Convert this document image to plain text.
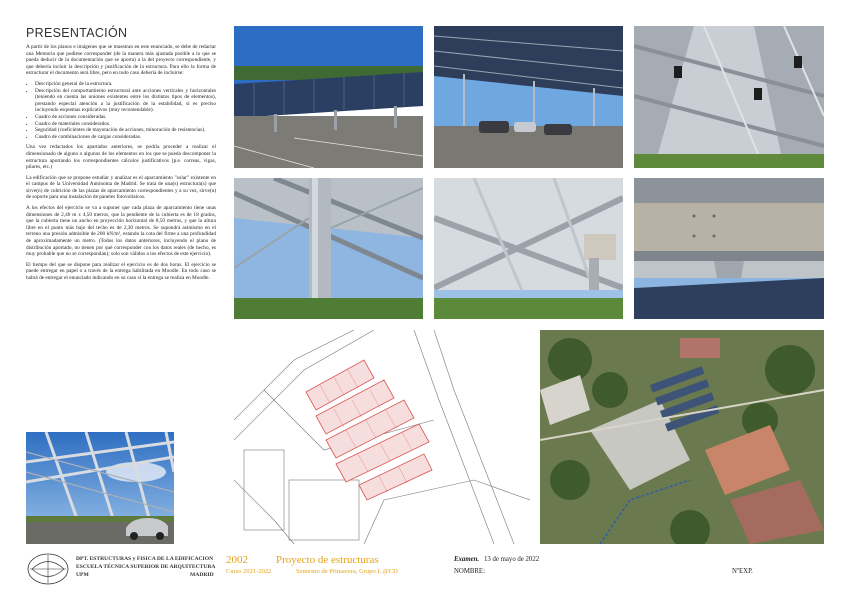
PRESENTACIÓN

A partir de los planos e imágenes que se muestran en este enunciado, se debe de redactar una Memoria que pudiese corresponder (de la manera más ajustada posible a lo que se pueda deducir de la documentación que se aporta) a la del proyecto correspondiente, y que debería incluir la descripción y justificación de la estructura. Para ello la forma de estructurar el documento será libre, pero en todo caso debería de incluirse:

• Descripción general de la estructura.
• Descripción del comportamiento estructural ante acciones verticales y horizontales (teniendo en cuenta las uniones existentes entre los distintos tipos de elementos), prestando especial atención a la justificación de la estabilidad, si es preciso incluyendo esquemas explicativos (muy recomendable).
• Cuadro de acciones consideradas.
• Cuadro de materiales considerados.
• Seguridad (coeficientes de mayoración de acciones, minoración de resistencias).
• Cuadro de combinaciones de cargas consideradas.

Una vez redactados los apartados anteriores, se podría proceder a realizar el dimensionado de alguno o algunos de los elementos en los que se pueda descomponer la estructura aportando los correspondientes cálculos justificativos (p.e. correas, vigas, pilares, etc.)

La edificación que se propone estudiar y analizar es el aparcamiento "solar" existente en el campus de la Universidad Autónoma de Madrid. Se trata de una(s) estructura(s) que sirve(n) de cubrición de las plazas de aparcamiento correspondientes y a su vez, sirve(n) de soporte para una instalación de paneles fotovoltaicos.

A los efectos del ejercicio se va a suponer que cada plaza de aparcamiento tiene unas dimensiones de 2,40 m x 4,50 metros, que la pendiente de la cubierta es de 18 grados, que la cubierta tiene un ancho en proyección horizontal de 8,50 metros, y que la altura libre en el punto más bajo del techo es de 2,30 metros. Se supondrá asimismo en el terreno una presión admisible de 200 kN/m², estando la cota del firme a una profundidad de aproximadamente un metro. (Todos los datos anteriores, incluyendo el plano de distribución aportado, no tienen por qué corresponder con los datos reales (de hecho, es muy probable que no se correspondan); solo son válidos a los efectos de este ejercicio).

El tiempo del que se dispone para realizar el ejercicio es de dos horas. El ejercicio se puede entregar en papel o a través de la entrega habilitada en Moodle. En todo caso se habrá de entregar el enunciado indicando en su caso si la entrega se realiza en Moodle.

DPT. ESTRUCTURAS y FISICA DE LA EDIFICACION
ESCUELA TÉCNICA SUPERIOR DE ARQUITECTURA
UPM	MADRID
2002
Curso 2021-2022
Proyecto de estructuras
Semestre de Primavera, Grupo L @CD
Examen. 13 de mayo de 2022
NOMBRE:	NºEXP.
